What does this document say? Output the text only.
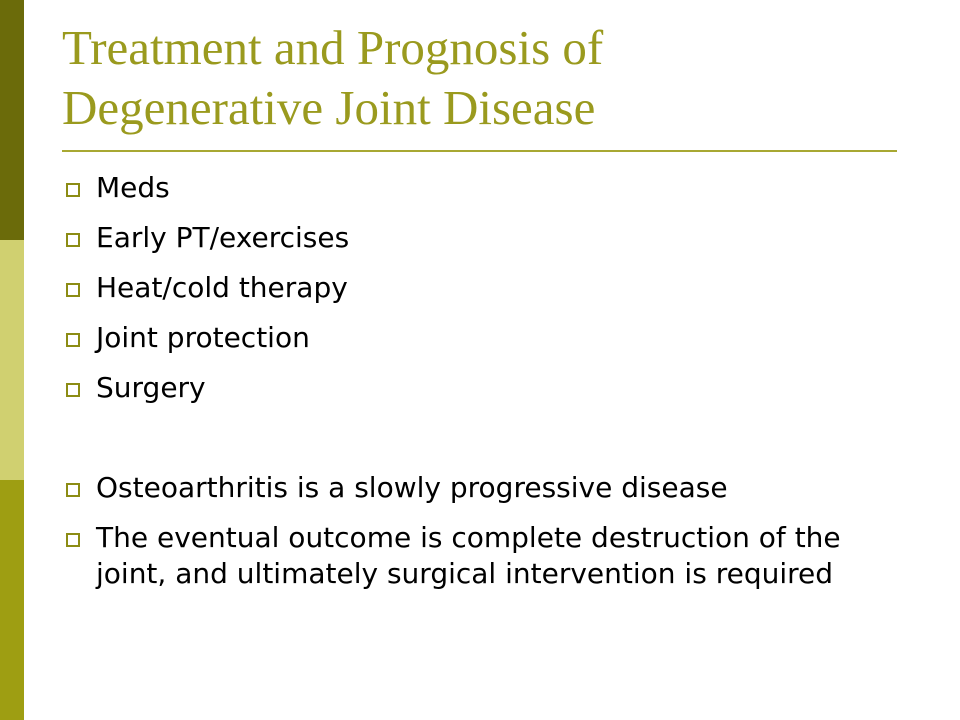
Treatment and Prognosis of
Degenerative Joint Disease
Meds
Early PT/exercises
Heat/cold therapy
Joint protection
Surgery
Osteoarthritis is a slowly progressive disease
The eventual outcome is complete destruction of the joint, and ultimately surgical intervention is required
